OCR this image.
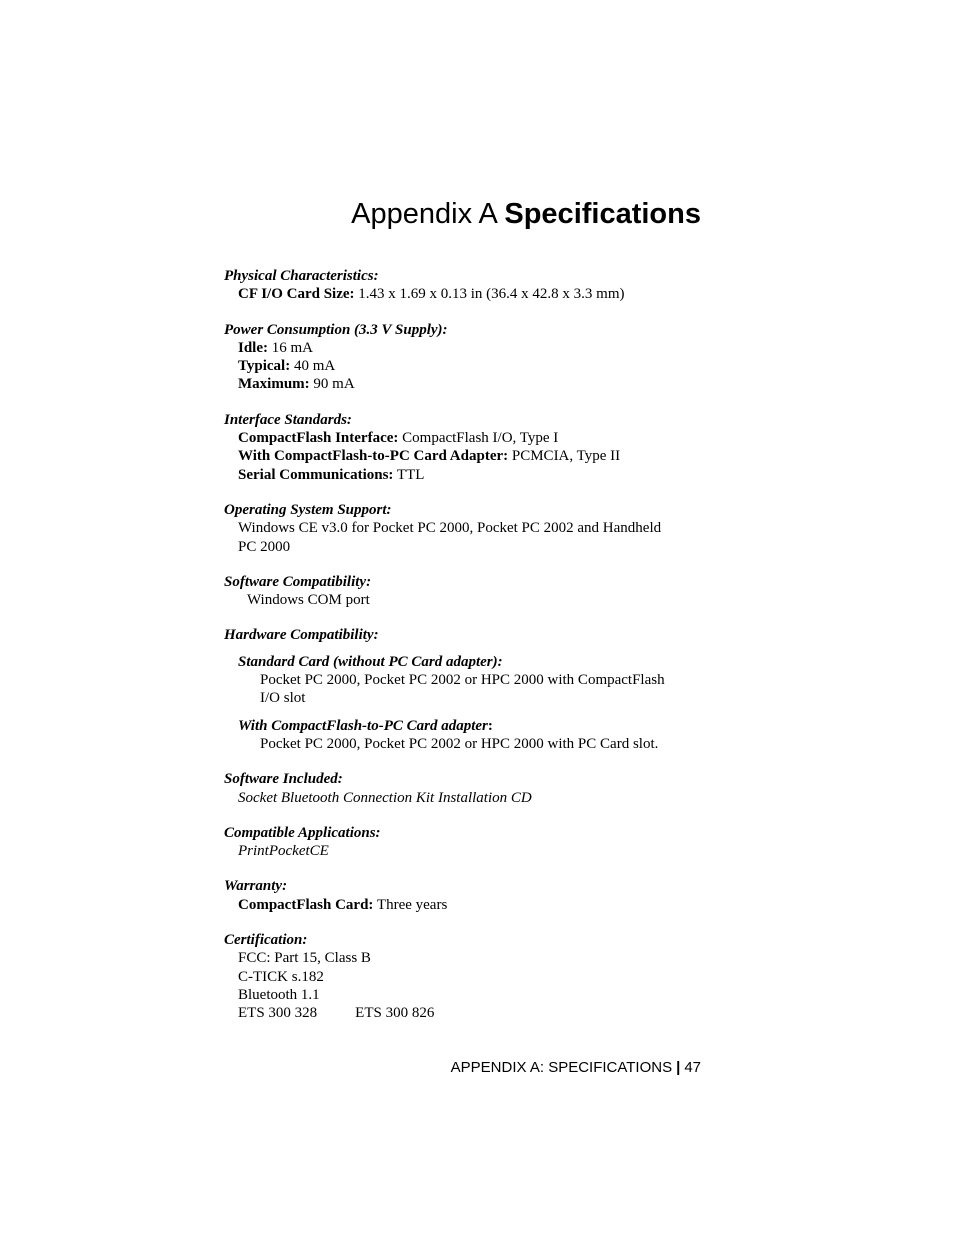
Appendix A Specifications
Physical Characteristics:
CF I/O Card Size: 1.43 x 1.69 x 0.13 in (36.4 x 42.8 x 3.3 mm)
Power Consumption (3.3 V Supply):
Idle: 16 mA
Typical: 40 mA
Maximum: 90 mA
Interface Standards:
CompactFlash Interface: CompactFlash I/O, Type I
With CompactFlash-to-PC Card Adapter: PCMCIA, Type II
Serial Communications: TTL
Operating System Support:
Windows CE v3.0 for Pocket PC 2000, Pocket PC 2002 and Handheld
PC 2000
Software Compatibility:
Windows COM port
Hardware Compatibility:
Standard Card (without PC Card adapter):
Pocket PC 2000, Pocket PC 2002 or HPC 2000 with CompactFlash
I/O slot
With CompactFlash-to-PC Card adapter:
Pocket PC 2000, Pocket PC 2002 or HPC 2000 with PC Card slot.
Software Included:
Socket Bluetooth Connection Kit Installation CD
Compatible Applications:
PrintPocketCE
Warranty:
CompactFlash Card: Three years
Certification:
FCC: Part 15, Class B
C-TICK s.182
Bluetooth 1.1
ETS 300 328	ETS 300 826
APPENDIX A: SPECIFICATIONS | 47
